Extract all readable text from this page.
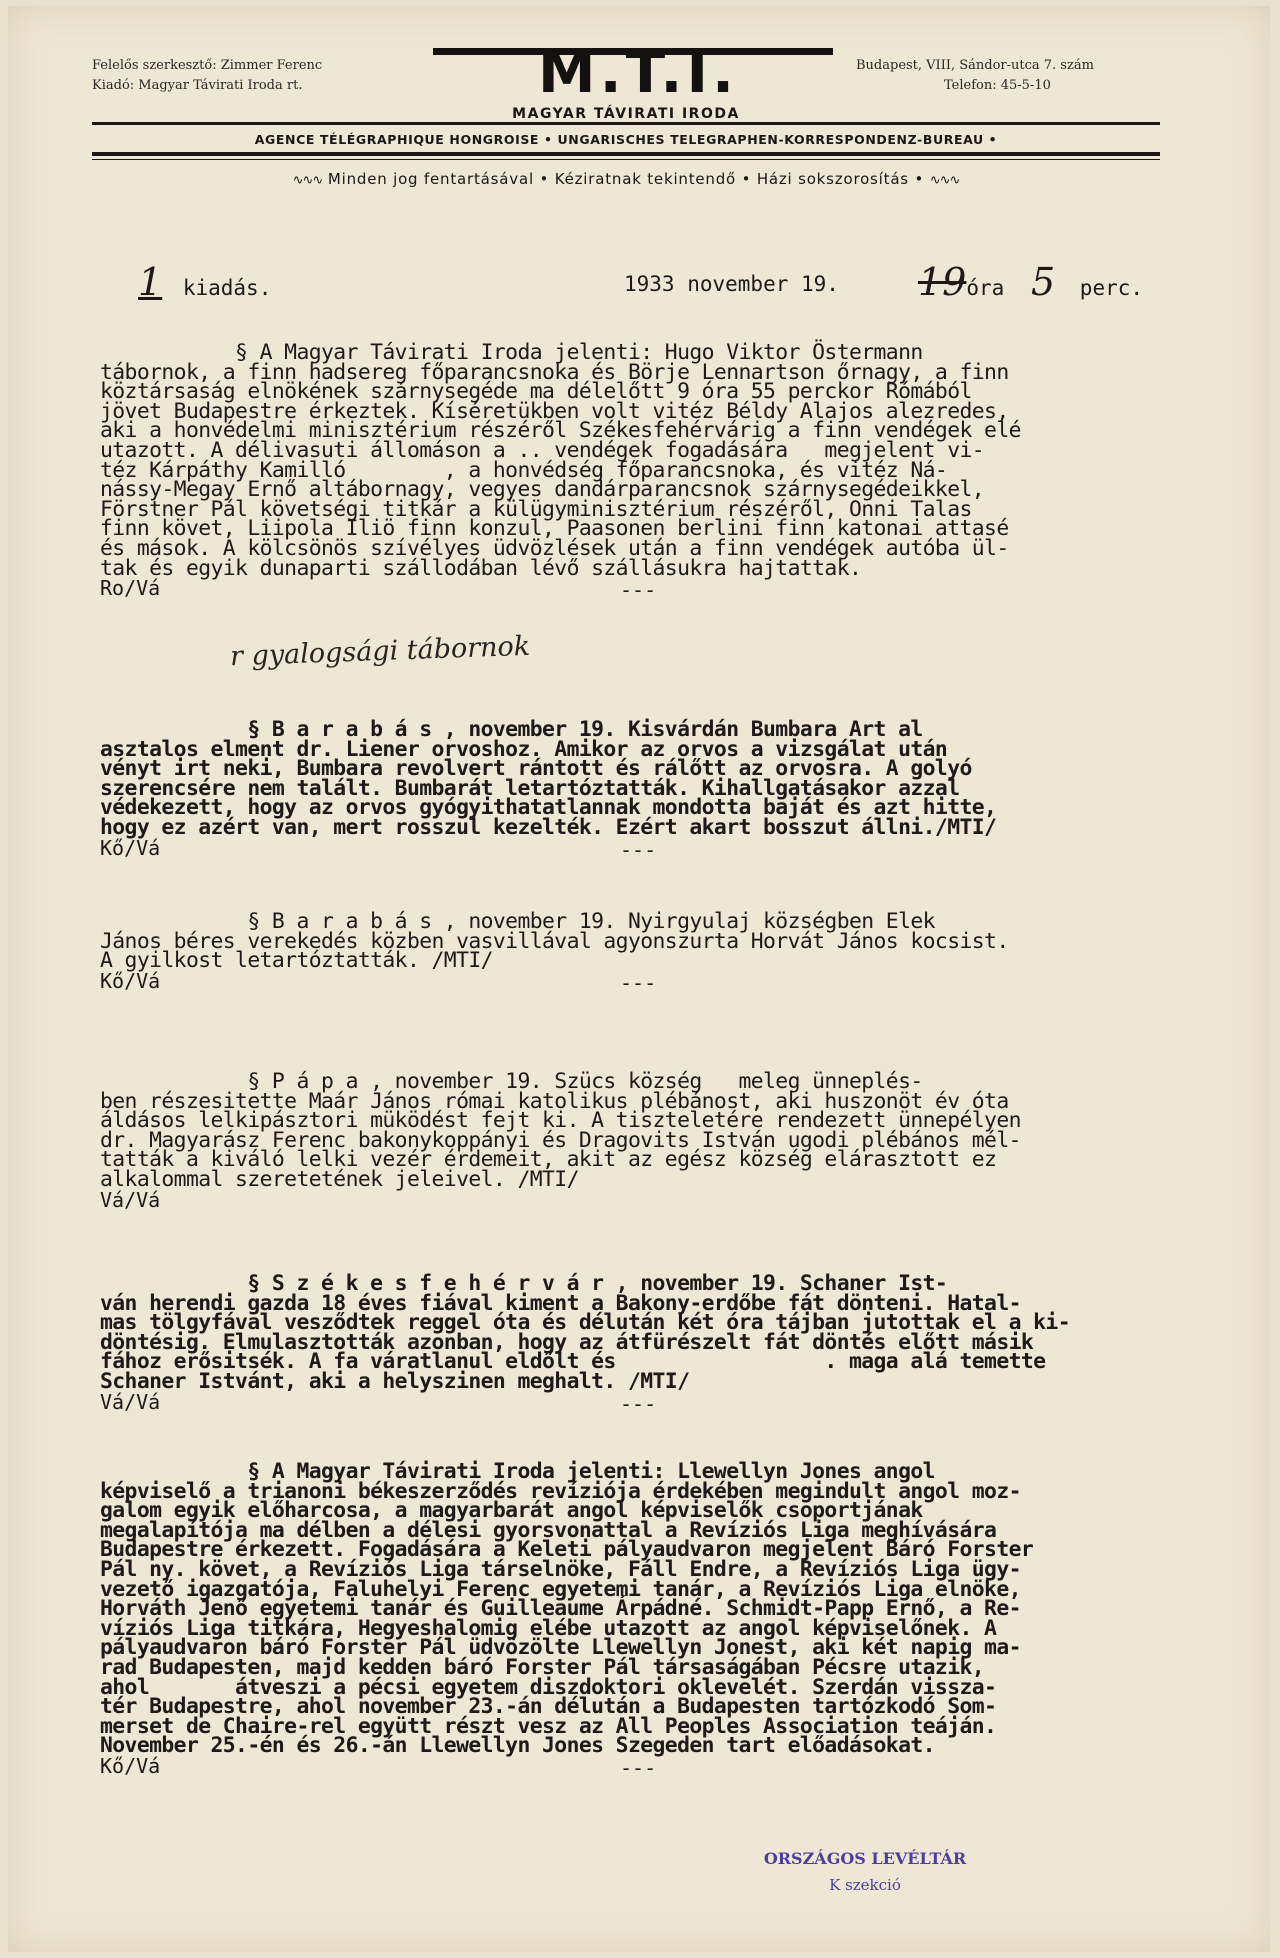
Felelős szerkesztő: Zimmer Ferenc
Kiadó: Magyar Távirati Iroda rt.	M.T.I.	Budapest, VIII, Sándor-utca 7. szám
Telefon: 45-5-10
MAGYAR TÁVIRATI IRODA
AGENCE TÉLÉGRAPHIQUE HONGROISE • UNGARISCHES TELEGRAPHEN-KORRESPONDENZ-BUREAU •
∿∿∿ Minden jog fentartásával • Kéziratnak tekintendő • Házi sokszorosítás • ∿∿∿
1 kiadás.	1933 november 19. 19óra 5 perc.
§ A Magyar Távirati Iroda jelenti: Hugo Viktor Östermann
tábornok, a finn hadsereg főparancsnoka és Börje Lennartson őrnagy, a finn
köztársaság elnökének szárnysegéde ma délelőtt 9 óra 55 perckor Rómából
jövet Budapestre érkeztek. Kíséretükben volt vitéz Béldy Alajos alezredes,
aki a honvédelmi minisztérium részéről Székesfehérvárig a finn vendégek elé
utazott. A délivasuti állomáson a .. vendégek fogadására   megjelent vi-
téz Kárpáthy Kamilló        , a honvédség főparancsnoka, és vitéz Ná-
nássy-Megay Ernő altábornagy, vegyes dandárparancsnok szárnysegédeikkel,
Förstner Pál követségi titkár a külügyminisztérium részéről, Onni Talas
finn követ, Liipola Iliö finn konzul, Paasonen berlini finn katonai attasé
és mások. A kölcsönös szívélyes üdvözlések után a finn vendégek autóba ül-
tak és egyik dunaparti szállodában lévő szállásukra hajtattak.
Ro/Vá	---
r gyalogsági tábornok
§ B a r a b á s , november 19. Kisvárdán Bumbara Art al
asztalos elment dr. Liener orvoshoz. Amikor az orvos a vizsgálat után
vényt irt neki, Bumbara revolvert rántott és rálőtt az orvosra. A golyó
szerencsére nem talált. Bumbarát letartóztatták. Kihallgatásakor azzal
védekezett, hogy az orvos gyógyithatatlannak mondotta baját és azt hitte,
hogy ez azért van, mert rosszul kezelték. Ezért akart bosszut állni./MTI/
Kő/Vá	---
§ B a r a b á s , november 19. Nyirgyulaj községben Elek
János béres verekedés közben vasvillával agyonszurta Horvát János kocsist.
A gyilkost letartóztatták. /MTI/
Kő/Vá	---
§ P á p a , november 19. Szücs község   meleg ünneplés-
ben részesitette Maár János római katolikus plébánost, aki huszonöt év óta
áldásos lelkipásztori müködést fejt ki. A tiszteletére rendezett ünnepélyen
dr. Magyarász Ferenc bakonykoppányi és Dragovits István ugodi plébános mél-
tatták a kiváló lelki vezér érdemeit, akit az egész község elárasztott ez
alkalommal szeretetének jeleivel. /MTI/
Vá/Vá
§ S z é k e s f e h é r v á r , november 19. Schaner Ist-
ván herendi gazda 18 éves fiával kiment a Bakony-erdőbe fát dönteni. Hatal-
mas tölgyfával vesződtek reggel óta és délután két óra tájban jutottak el a ki-
döntésig. Elmulasztották azonban, hogy az átfürészelt fát döntés előtt másik
fához erősitsék. A fa váratlanul eldőlt és                 . maga alá temette
Schaner Istvánt, aki a helyszinen meghalt. /MTI/
Vá/Vá	---
§ A Magyar Távirati Iroda jelenti: Llewellyn Jones angol
képviselő a trianoni békeszerződés revíziója érdekében megindult angol moz-
galom egyik előharcosa, a magyarbarát angol képviselők csoportjának
megalapítója ma délben a délesi gyorsvonattal a Revíziós Liga meghívására
Budapestre érkezett. Fogadására a Keleti pályaudvaron megjelent Báró Forster
Pál ny. követ, a Revíziós Liga társelnöke, Fáll Endre, a Revíziós Liga ügy-
vezető igazgatója, Faluhelyi Ferenc egyetemi tanár, a Revíziós Liga elnöke,
Horváth Jenő egyetemi tanár és Guilleaume Árpádné. Schmidt-Papp Ernő, a Re-
víziós Liga titkára, Hegyeshalomig elébe utazott az angol képviselőnek. A
pályaudvaron báró Forster Pál üdvözölte Llewellyn Jonest, aki két napig ma-
rad Budapesten, majd kedden báró Forster Pál társaságában Pécsre utazik,
ahol       átveszi a pécsi egyetem diszdoktori oklevelét. Szerdán vissza-
tér Budapestre, ahol november 23.-án délután a Budapesten tartózkodó Som-
merset de Chaire-rel együtt részt vesz az All Peoples Association teáján.
November 25.-én és 26.-án Llewellyn Jones Szegeden tart előadásokat.
Kő/Vá	---
ORSZÁGOS LEVÉLTÁR
K szekció
